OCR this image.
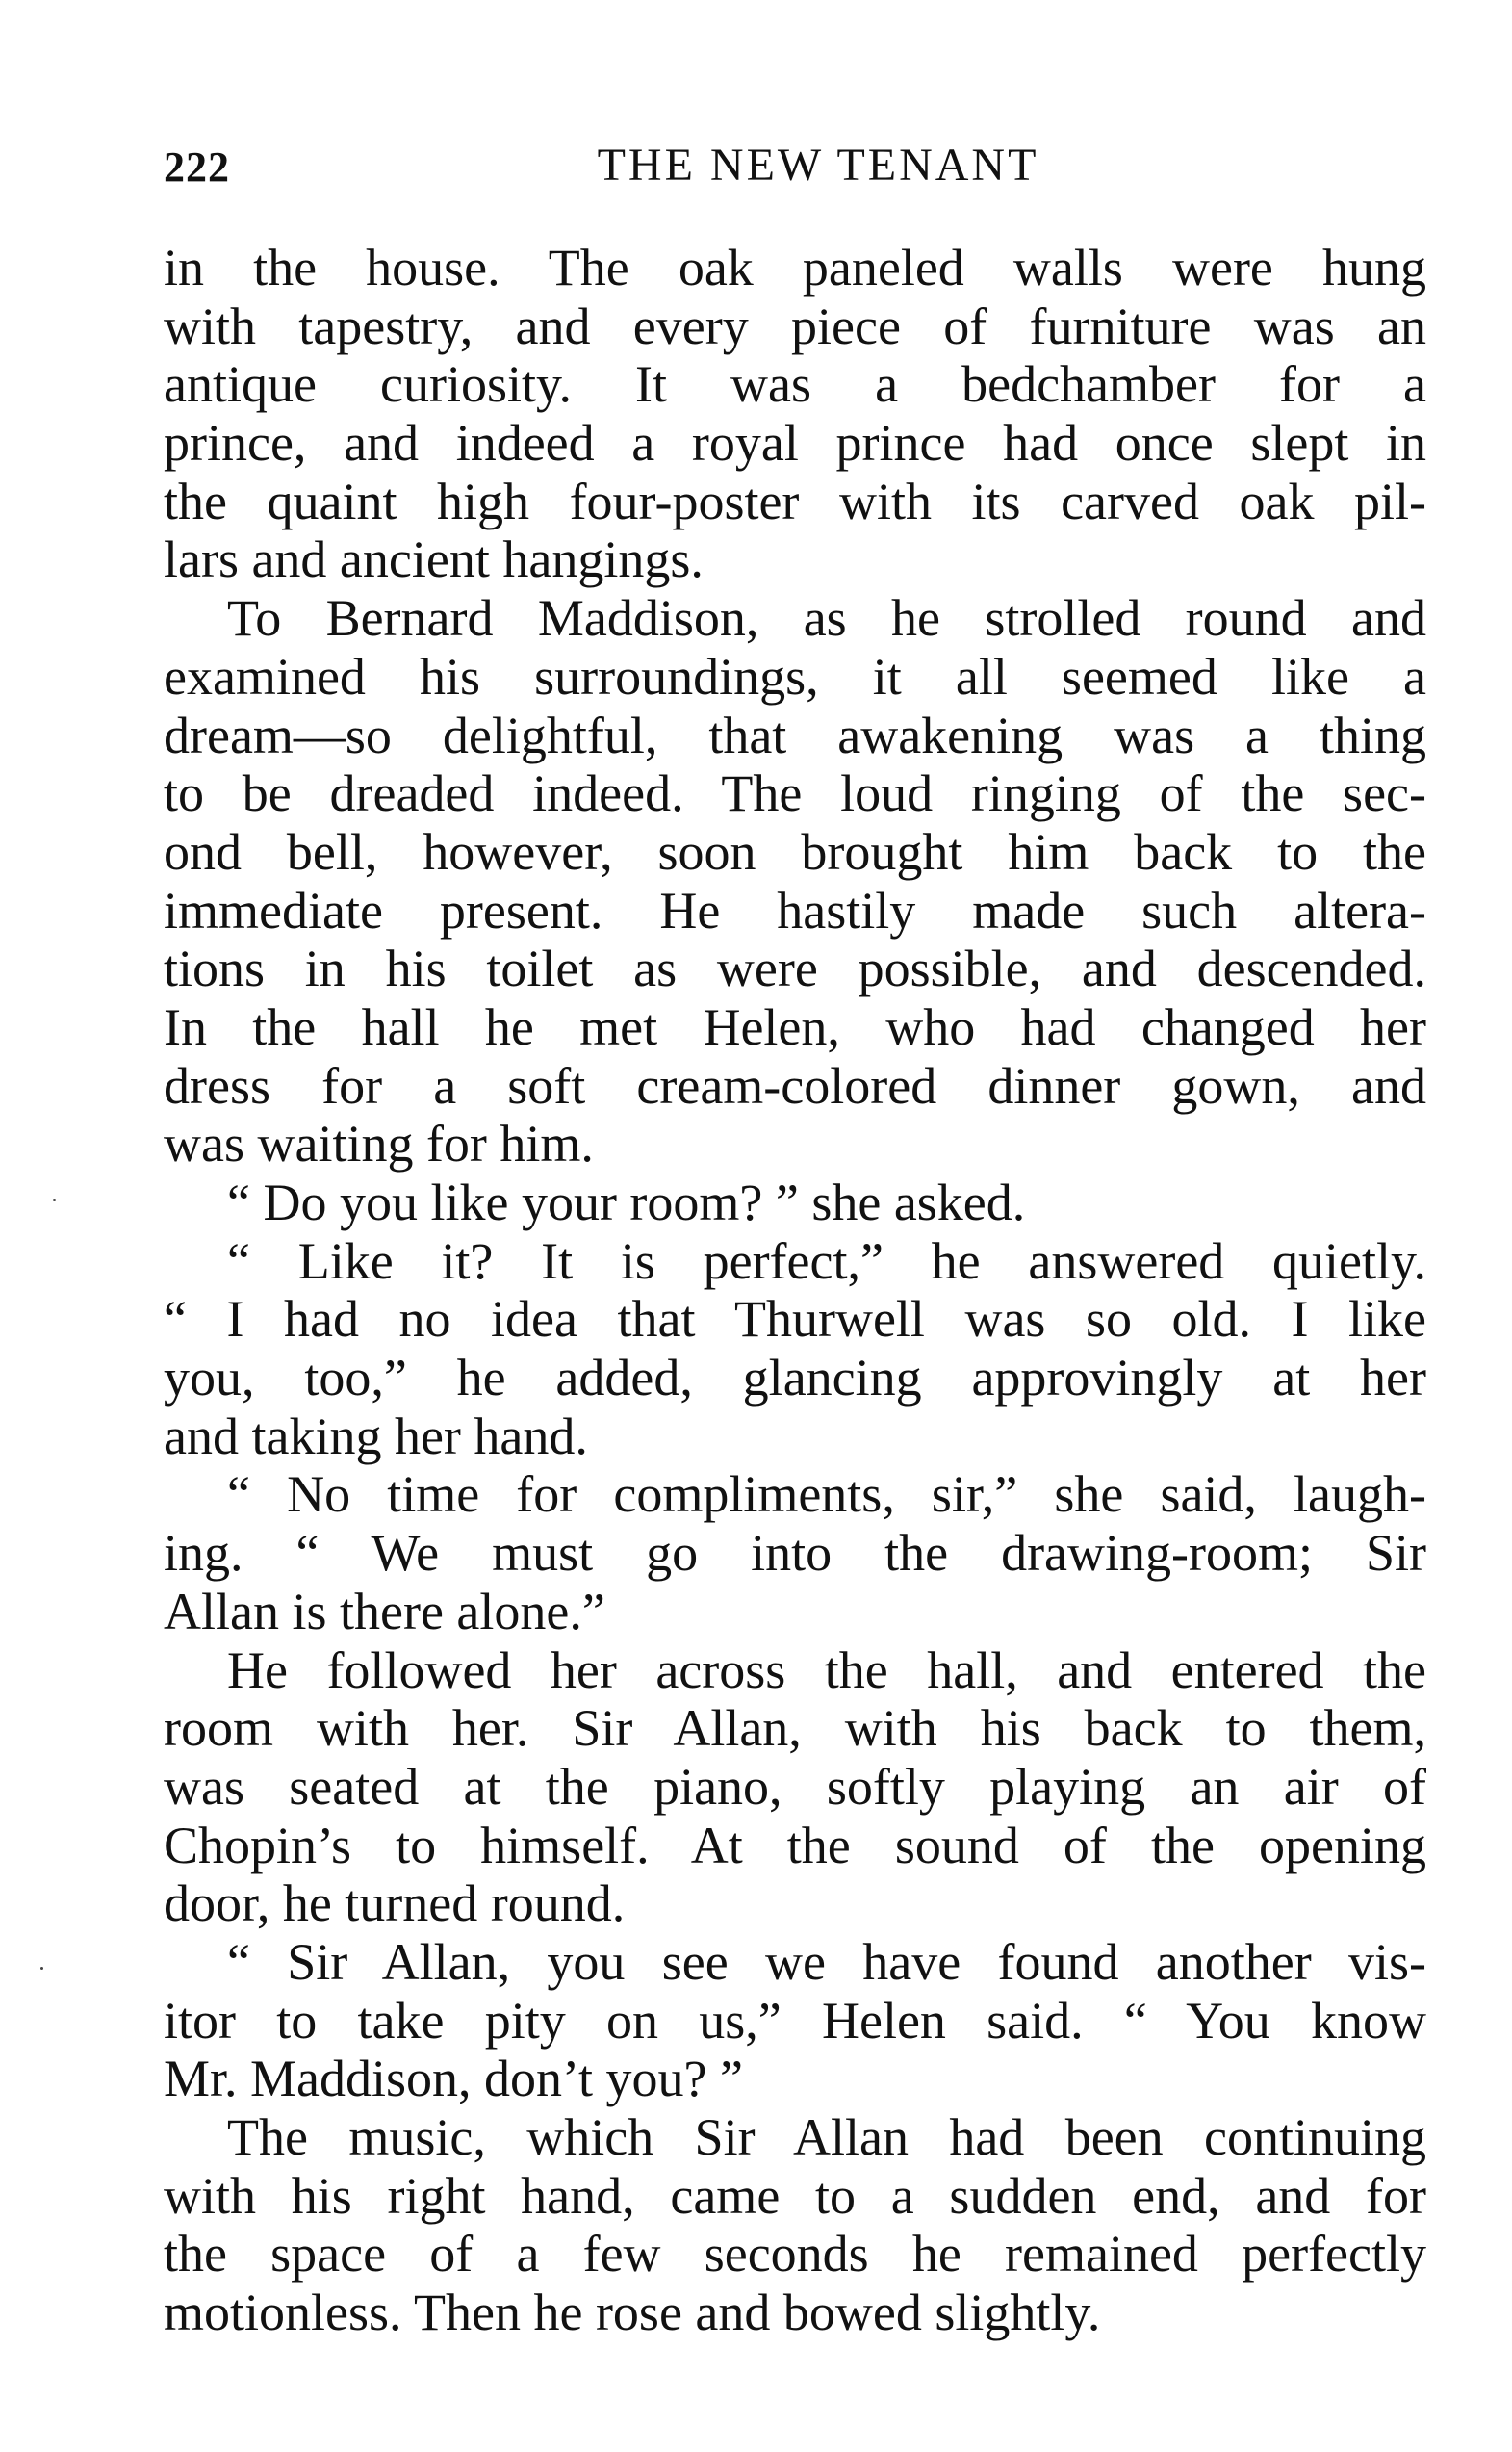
222	THE NEW TENANT
in the house. The oak paneled walls were hung
with tapestry, and every piece of furniture was an
antique curiosity. It was a bedchamber for a
prince, and indeed a royal prince had once slept in
the quaint high four-poster with its carved oak pil-
lars and ancient hangings.
To Bernard Maddison, as he strolled round and
examined his surroundings, it all seemed like a
dream—so delightful, that awakening was a thing
to be dreaded indeed. The loud ringing of the sec-
ond bell, however, soon brought him back to the
immediate present. He hastily made such altera-
tions in his toilet as were possible, and descended.
In the hall he met Helen, who had changed her
dress for a soft cream-colored dinner gown, and
was waiting for him.
“ Do you like your room? ” she asked.
“ Like it? It is perfect,” he answered quietly.
“ I had no idea that Thurwell was so old. I like
you, too,” he added, glancing approvingly at her
and taking her hand.
“ No time for compliments, sir,” she said, laugh-
ing. “ We must go into the drawing-room; Sir
Allan is there alone.”
He followed her across the hall, and entered the
room with her. Sir Allan, with his back to them,
was seated at the piano, softly playing an air of
Chopin’s to himself. At the sound of the opening
door, he turned round.
“ Sir Allan, you see we have found another vis-
itor to take pity on us,” Helen said. “ You know
Mr. Maddison, don’t you? ”
The music, which Sir Allan had been continuing
with his right hand, came to a sudden end, and for
the space of a few seconds he remained perfectly
motionless. Then he rose and bowed slightly.
